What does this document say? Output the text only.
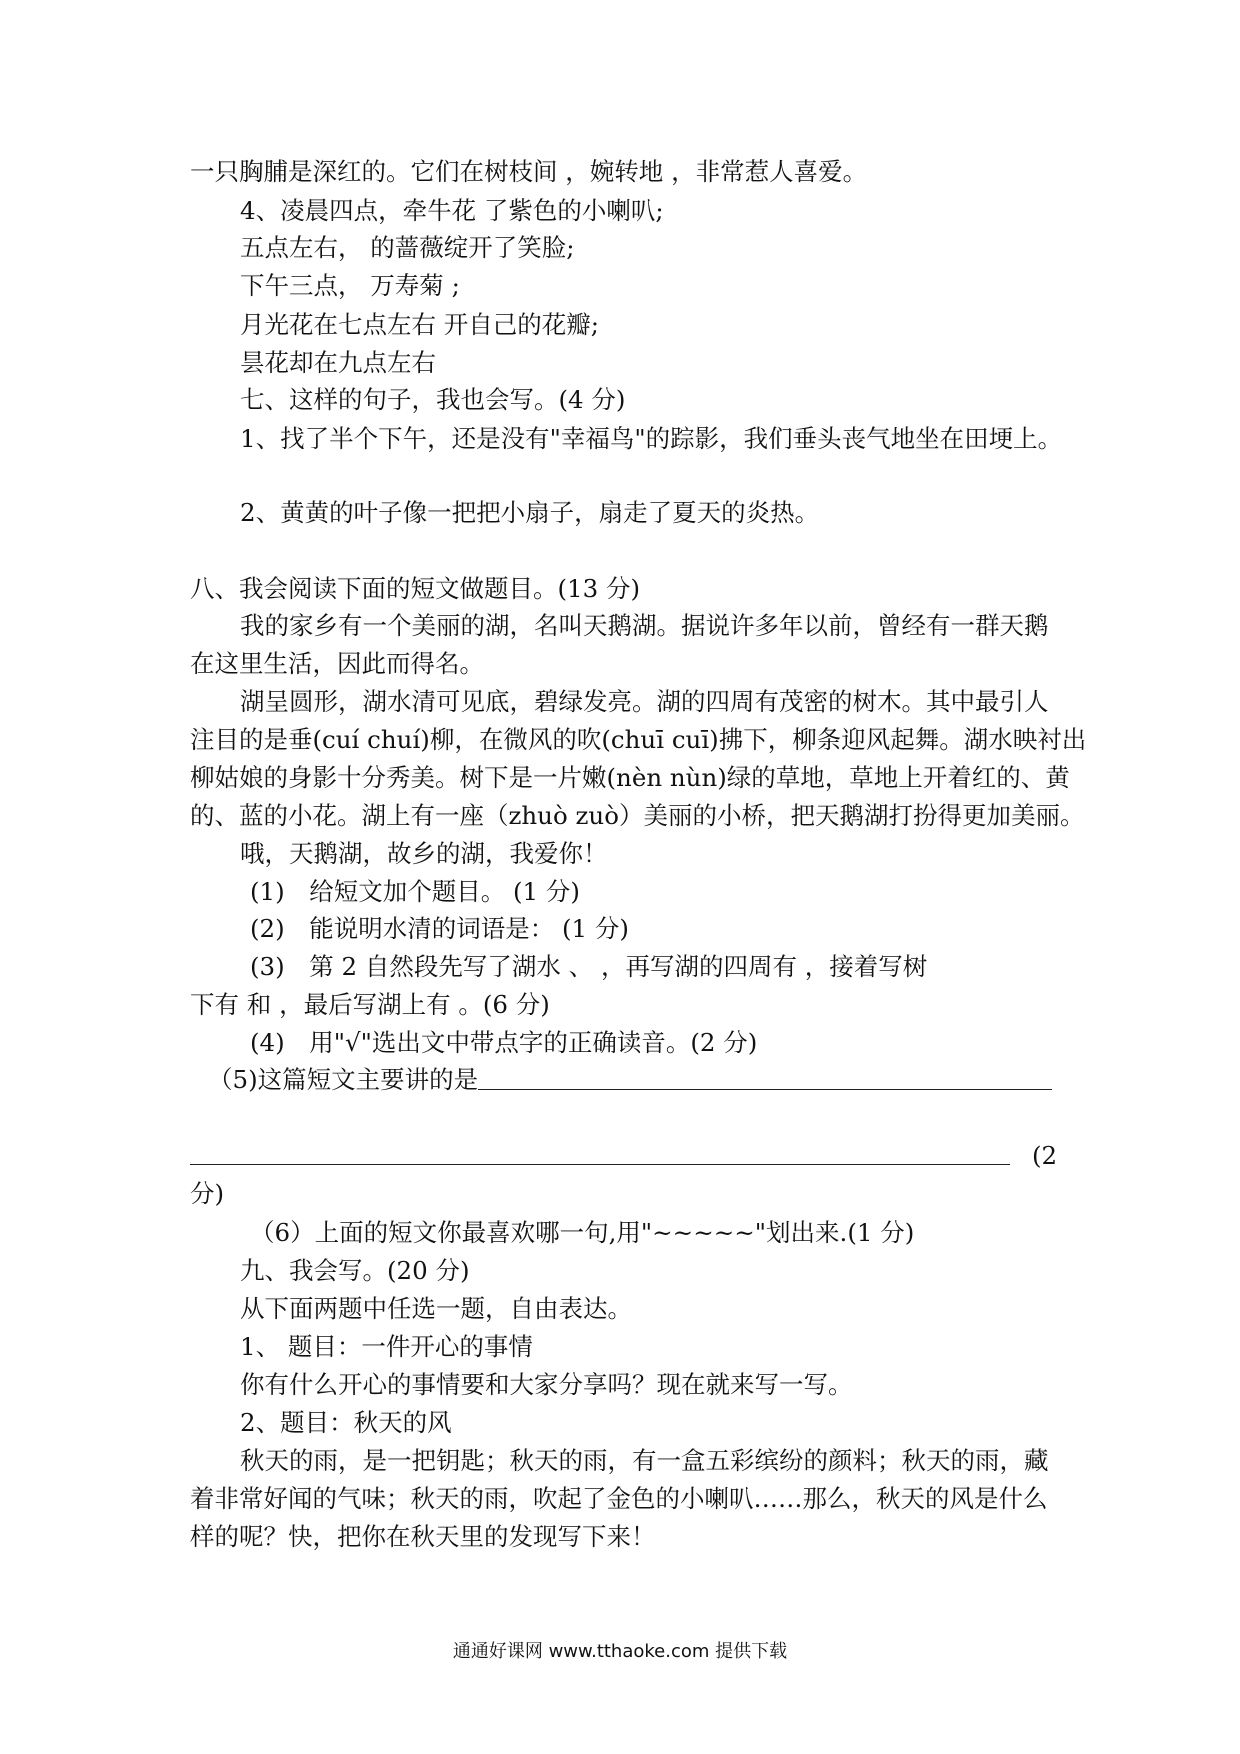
一只胸脯是深红的。它们在树枝间 ，婉转地 ，非常惹人喜爱。
4、凌晨四点，牵牛花 了紫色的小喇叭;
五点左右， 的蔷薇绽开了笑脸;
下午三点， 万寿菊 ;
月光花在七点左右 开自己的花瓣;
昙花却在九点左右
七、这样的句子，我也会写。(4 分)
1、找了半个下午，还是没有"幸福鸟"的踪影，我们垂头丧气地坐在田埂上。
2、黄黄的叶子像一把把小扇子，扇走了夏天的炎热。
八、我会阅读下面的短文做题目。(13 分)
我的家乡有一个美丽的湖，名叫天鹅湖。据说许多年以前，曾经有一群天鹅
在这里生活，因此而得名。
湖呈圆形，湖水清可见底，碧绿发亮。湖的四周有茂密的树木。其中最引人
注目的是垂(cuí chuí)柳，在微风的吹(chuī cuī)拂下，柳条迎风起舞。湖水映衬出
柳姑娘的身影十分秀美。树下是一片嫩(nèn nùn)绿的草地，草地上开着红的、黄
的、蓝的小花。湖上有一座（zhuò zuò）美丽的小桥，把天鹅湖打扮得更加美丽。
哦，天鹅湖，故乡的湖，我爱你！
(1)　给短文加个题目。 (1 分)
(2)　能说明水清的词语是： (1 分)
(3)　第 2 自然段先写了湖水 、 ，再写湖的四周有 ，接着写树
下有 和 ，最后写湖上有 。(6 分)
(4)　用"√"选出文中带点字的正确读音。(2 分)
（5)这篇短文主要讲的是
(2
分)
（6）上面的短文你最喜欢哪一句,用"~~~~~"划出来.(1 分)
九、我会写。(20 分)
从下面两题中任选一题，自由表达。
1、 题目：一件开心的事情
你有什么开心的事情要和大家分享吗？现在就来写一写。
2、题目：秋天的风
秋天的雨，是一把钥匙；秋天的雨，有一盒五彩缤纷的颜料；秋天的雨，藏
着非常好闻的气味；秋天的雨，吹起了金色的小喇叭……那么，秋天的风是什么
样的呢？快，把你在秋天里的发现写下来！
通通好课网 www.tthaoke.com 提供下载
